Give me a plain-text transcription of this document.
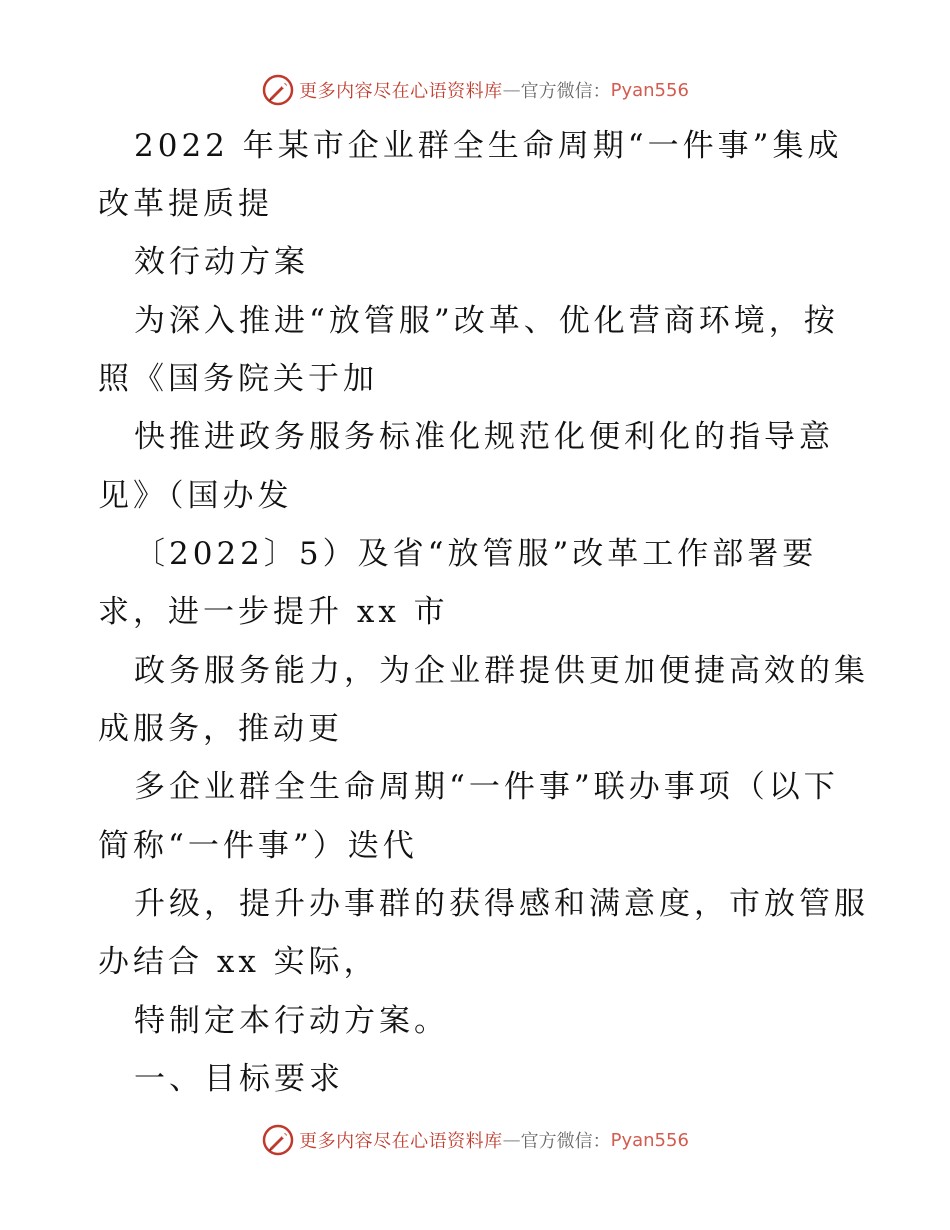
更多内容尽在心语资料库 — 官方微信： Pyan556
2022 年某市企业群全生命周期“一件事”集成
改革提质提
效行动方案
为深入推进“放管服”改革、优化营商环境，按
照《国务院关于加
快推进政务服务标准化规范化便利化的指导意
见》（国办发
〔2022〕5）及省“放管服”改革工作部署要
求，进一步提升 xx 市
政务服务能力，为企业群提供更加便捷高效的集
成服务，推动更
多企业群全生命周期“一件事”联办事项（以下
简称“一件事”）迭代
升级，提升办事群的获得感和满意度，市放管服
办结合 xx 实际，
特制定本行动方案。
一、目标要求
更多内容尽在心语资料库 — 官方微信： Pyan556
